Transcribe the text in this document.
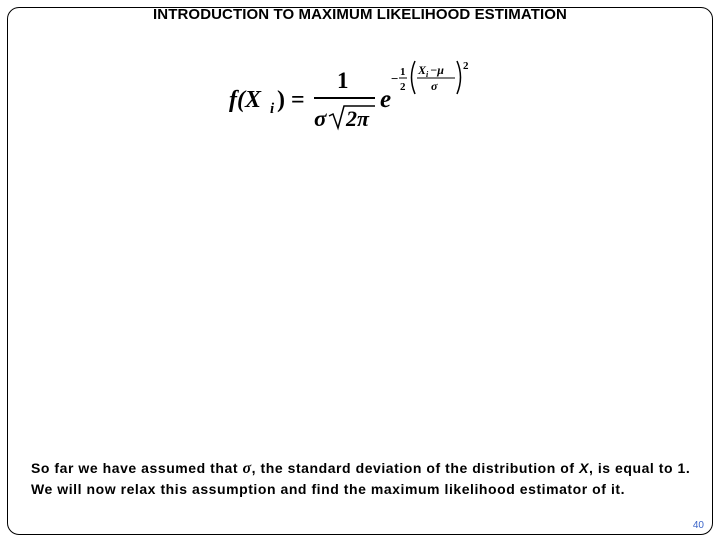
INTRODUCTION TO MAXIMUM LIKELIHOOD ESTIMATION
f(X i ) =
1
σ 2π
e
− 1
2
X i −μ
σ
2
So far we have assumed that σ, the standard deviation of the distribution of X, is equal to 1.
We will now relax this assumption and find the maximum likelihood estimator of it.
40
